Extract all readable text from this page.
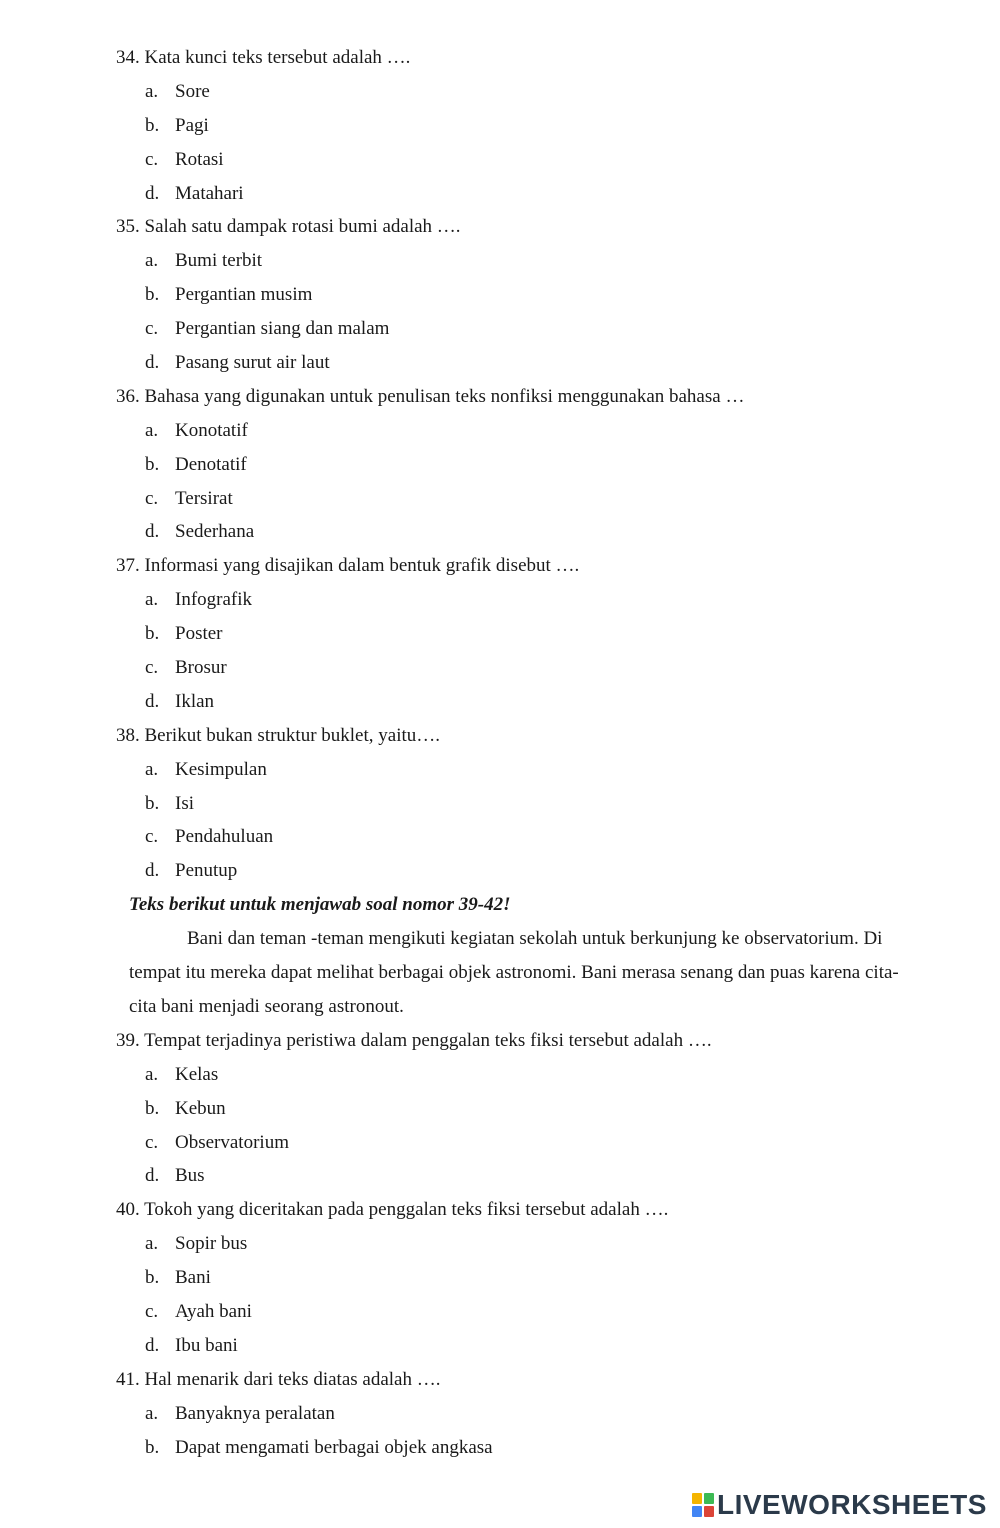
34. Kata kunci teks tersebut adalah ….
a. Sore
b. Pagi
c. Rotasi
d. Matahari
35. Salah satu dampak rotasi bumi adalah ….
a. Bumi terbit
b. Pergantian musim
c. Pergantian siang dan malam
d. Pasang surut air laut
36. Bahasa yang digunakan untuk penulisan teks nonfiksi menggunakan bahasa …
a. Konotatif
b. Denotatif
c. Tersirat
d. Sederhana
37. Informasi yang disajikan dalam bentuk grafik disebut ….
a. Infografik
b. Poster
c. Brosur
d. Iklan
38. Berikut bukan struktur buklet, yaitu….
a. Kesimpulan
b. Isi
c. Pendahuluan
d. Penutup
Teks berikut untuk menjawab soal nomor 39-42!
Bani dan teman -teman mengikuti kegiatan sekolah untuk berkunjung ke observatorium. Di
tempat itu mereka dapat melihat berbagai objek astronomi. Bani merasa senang dan puas karena cita-
cita bani menjadi seorang astronout.
39. Tempat terjadinya peristiwa dalam penggalan teks fiksi tersebut adalah ….
a. Kelas
b. Kebun
c. Observatorium
d. Bus
40. Tokoh yang diceritakan pada penggalan teks fiksi tersebut adalah ….
a. Sopir bus
b. Bani
c. Ayah bani
d. Ibu bani
41. Hal menarik dari teks diatas adalah ….
a. Banyaknya peralatan
b. Dapat mengamati berbagai objek angkasa
LIVEWORKSHEETS
